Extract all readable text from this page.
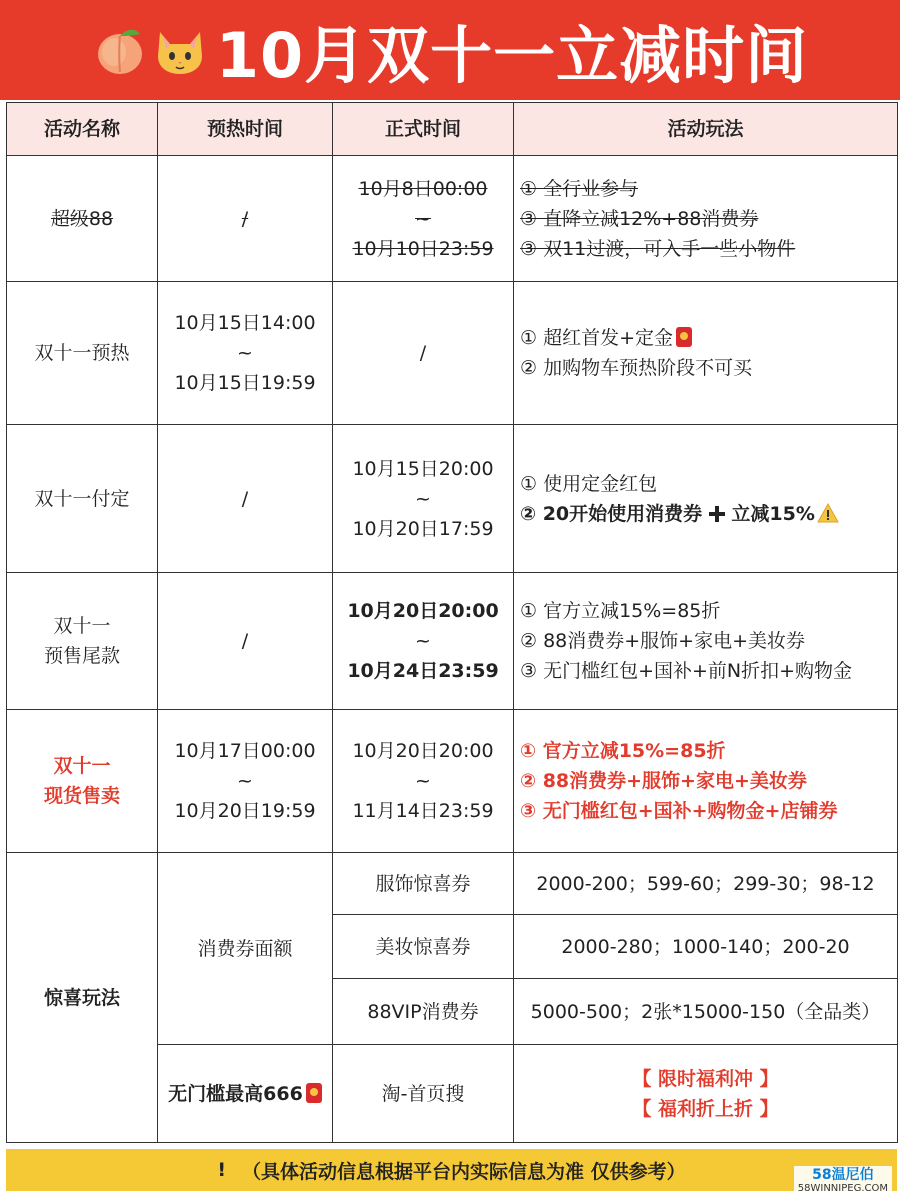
10月双十一立减时间
活动名称	预热时间	正式时间	活动玩法
超级88	/	10月8日00:00
~
10月10日23:59	① 全行业参与
③ 直降立减12%+88消费券
③ 双11过渡，可入手一些小物件

双十一预热	10月15日14:00
~
10月15日19:59	/	① 超红首发+定金
② 加购物车预热阶段不可买

双十一付定	/	10月15日20:00
~
10月20日17:59	① 使用定金红包
② 20开始使用消费券 立减15%

双十一
预售尾款	/	10月20日20:00
~
10月24日23:59	① 官方立减15%=85折
② 88消费券+服饰+家电+美妆券
③ 无门槛红包+国补+前N折扣+购物金

双十一
现货售卖	10月17日00:00
~
10月20日19:59	10月20日20:00
~
11月14日23:59	① 官方立减15%=85折
② 88消费券+服饰+家电+美妆券
③ 无门槛红包+国补+购物金+店铺券

惊喜玩法	消费券面额	服饰惊喜券	2000-200；599-60；299-30；98-12
		美妆惊喜券	2000-280；1000-140；200-20
		88VIP消费券	5000-500；2张*15000-150（全品类）
	无门槛最高666	淘-首页搜	【 限时福利冲 】
【 福利折上折 】
! （具体活动信息根据平台内实际信息为准 仅供参考）	58温尼伯
58WINNIPEG.COM
